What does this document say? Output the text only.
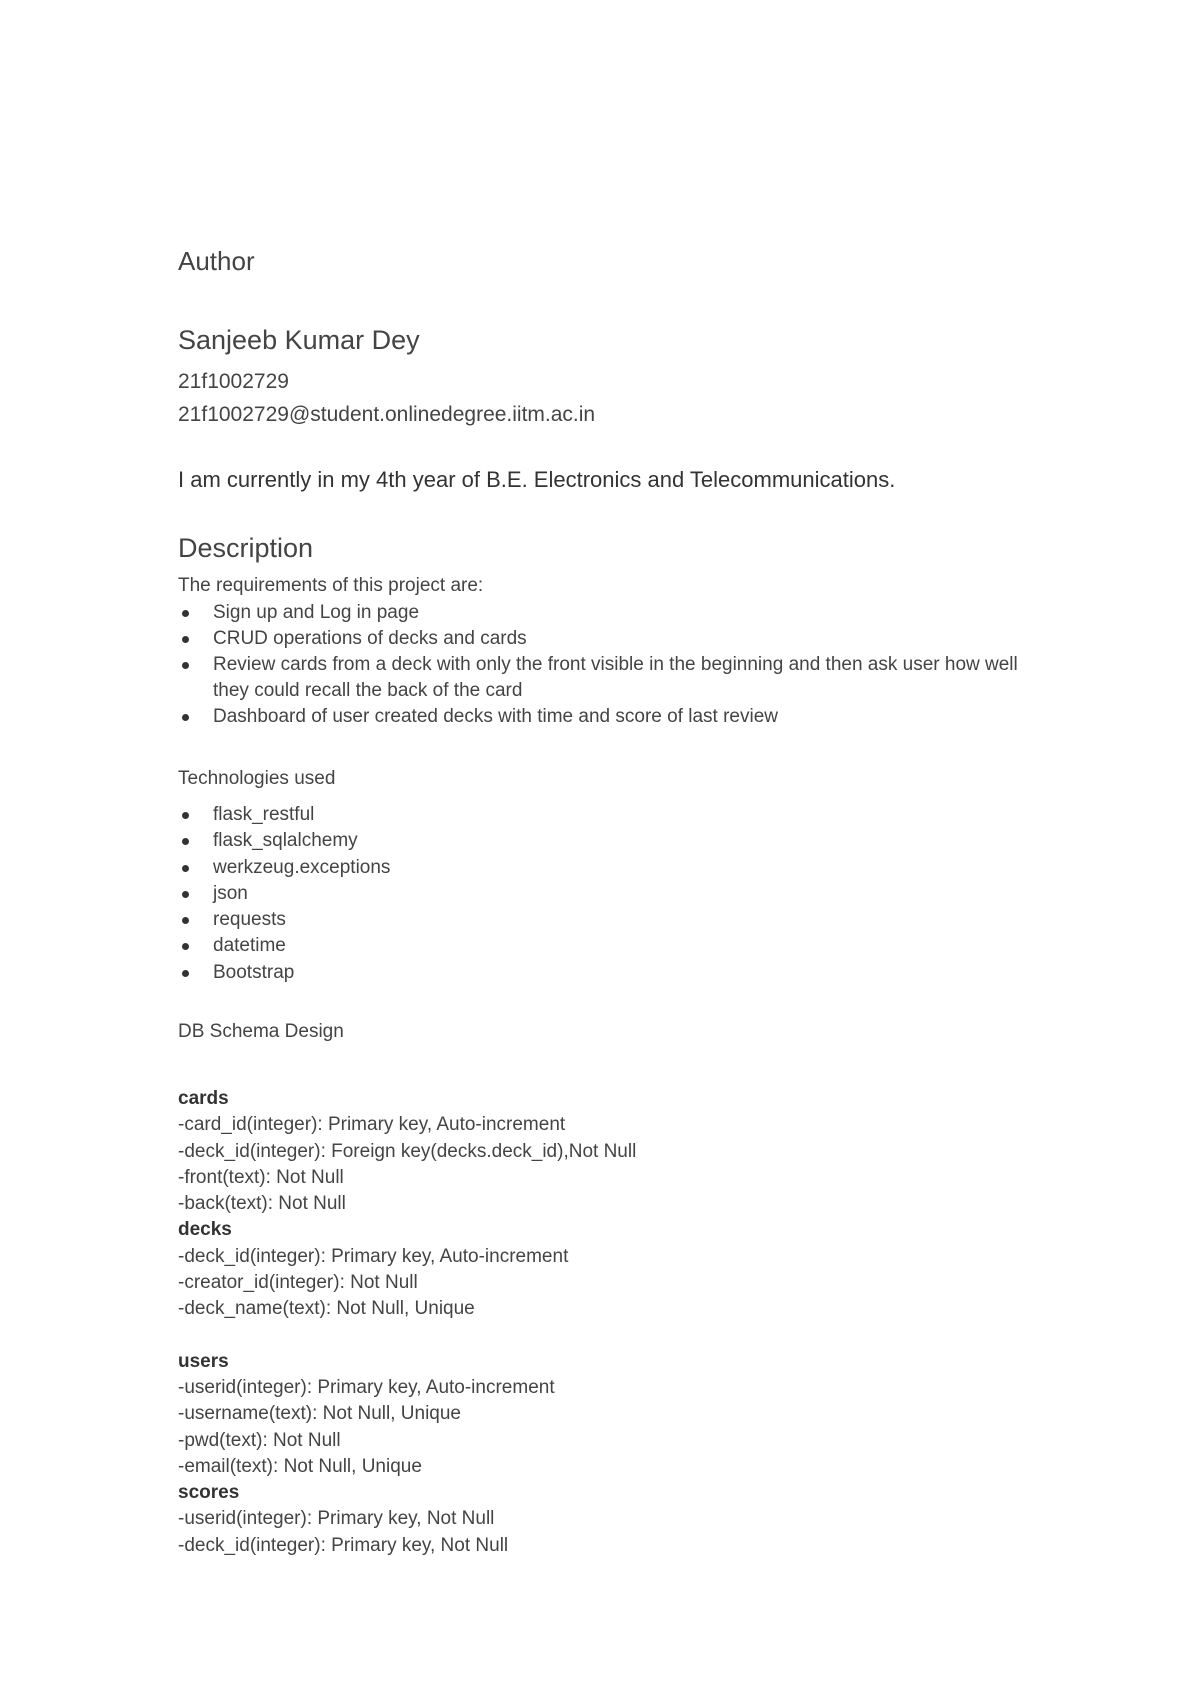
Author
Sanjeeb Kumar Dey
21f1002729
21f1002729@student.onlinedegree.iitm.ac.in
I am currently in my 4th year of B.E. Electronics and Telecommunications.
Description
The requirements of this project are:
Sign up and Log in page
CRUD operations of decks and cards
Review cards from a deck with only the front visible in the beginning and then ask user how well they could recall the back of the card
Dashboard of user created decks with time and score of last review
Technologies used
flask_restful
flask_sqlalchemy
werkzeug.exceptions
json
requests
datetime
Bootstrap
DB Schema Design
cards
-card_id(integer): Primary key, Auto-increment
-deck_id(integer): Foreign key(decks.deck_id),Not Null
-front(text): Not Null
-back(text): Not Null
decks
-deck_id(integer): Primary key, Auto-increment
-creator_id(integer): Not Null
-deck_name(text): Not Null, Unique
users
-userid(integer): Primary key, Auto-increment
-username(text): Not Null, Unique
-pwd(text): Not Null
-email(text): Not Null, Unique
scores
-userid(integer): Primary key, Not Null
-deck_id(integer): Primary key, Not Null
